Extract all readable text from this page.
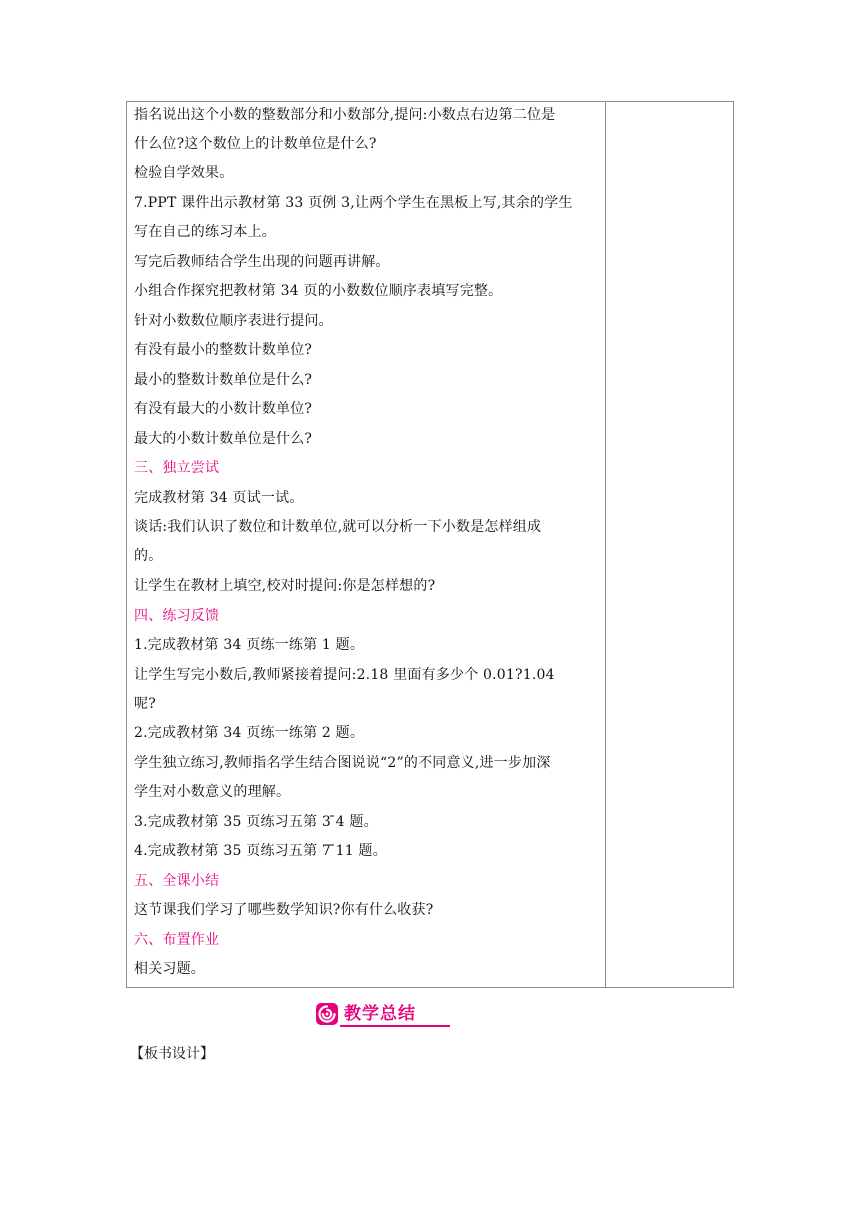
指名说出这个小数的整数部分和小数部分,提问:小数点右边第二位是
什么位?这个数位上的计数单位是什么?
检验自学效果。
7.PPT 课件出示教材第 33 页例 3,让两个学生在黑板上写,其余的学生
写在自己的练习本上。
写完后教师结合学生出现的问题再讲解。
小组合作探究把教材第 34 页的小数数位顺序表填写完整。
针对小数数位顺序表进行提问。
有没有最小的整数计数单位?
最小的整数计数单位是什么?
有没有最大的小数计数单位?
最大的小数计数单位是什么?
三、独立尝试
完成教材第 34 页试一试。
谈话:我们认识了数位和计数单位,就可以分析一下小数是怎样组成
的。
让学生在教材上填空,校对时提问:你是怎样想的?
四、练习反馈
1.完成教材第 34 页练一练第 1 题。
让学生写完小数后,教师紧接着提问:2.18 里面有多少个 0.01?1.04
呢?
2.完成教材第 34 页练一练第 2 题。
学生独立练习,教师指名学生结合图说说“2”的不同意义,进一步加深
学生对小数意义的理解。
3.完成教材第 35 页练习五第 3 ̄4 题。
4.完成教材第 35 页练习五第 7 ̄11 题。
五、全课小结
这节课我们学习了哪些数学知识?你有什么收获?
六、布置作业
相关习题。
教学总结
【板书设计】
